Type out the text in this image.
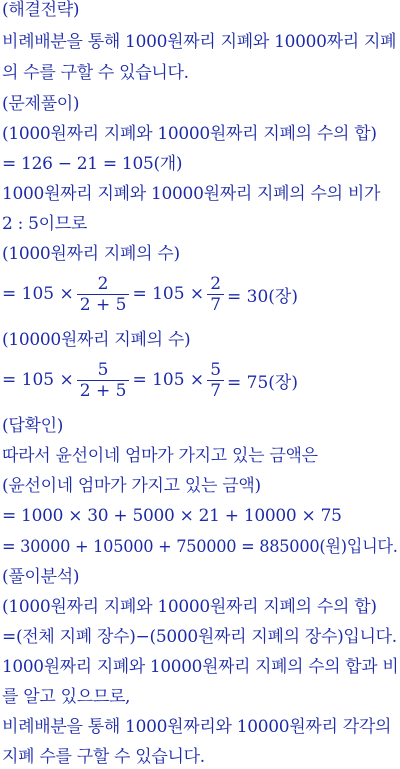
(해결전략)
비례배분을 통해 1000원짜리 지폐와 10000짜리 지폐
의 수를 구할 수 있습니다.
(문제풀이)
(1000원짜리 지폐와 10000원짜리 지폐의 수의 합)
= 126 − 21 = 105(개)
1000원짜리 지폐와 10000원짜리 지폐의 수의 비가
2 : 5이므로
(1000원짜리 지폐의 수)
= $105 \times \frac{2}{2 + 5} = 105 \times \frac{2}{7} = 30$(장)
(10000원짜리 지폐의 수)
= $105 \times \frac{5}{2 + 5} = 105 \times \frac{5}{7} = 75$(장)
(답확인)
따라서 윤선이네 엄마가 가지고 있는 금액은
(윤선이네 엄마가 가지고 있는 금액)
= 1000 × 30 + 5000 × 21 + 10000 × 75
= 30000 + 105000 + 750000 = 885000(원)입니다.
(풀이분석)
(1000원짜리 지폐와 10000원짜리 지폐의 수의 합)
=(전체 지폐 장수)−(5000원짜리 지폐의 장수)입니다.
1000원짜리 지폐와 10000원짜리 지폐의 수의 합과 비
를 알고 있으므로,
비례배분을 통해 1000원짜리와 10000원짜리 각각의
지폐 수를 구할 수 있습니다.
